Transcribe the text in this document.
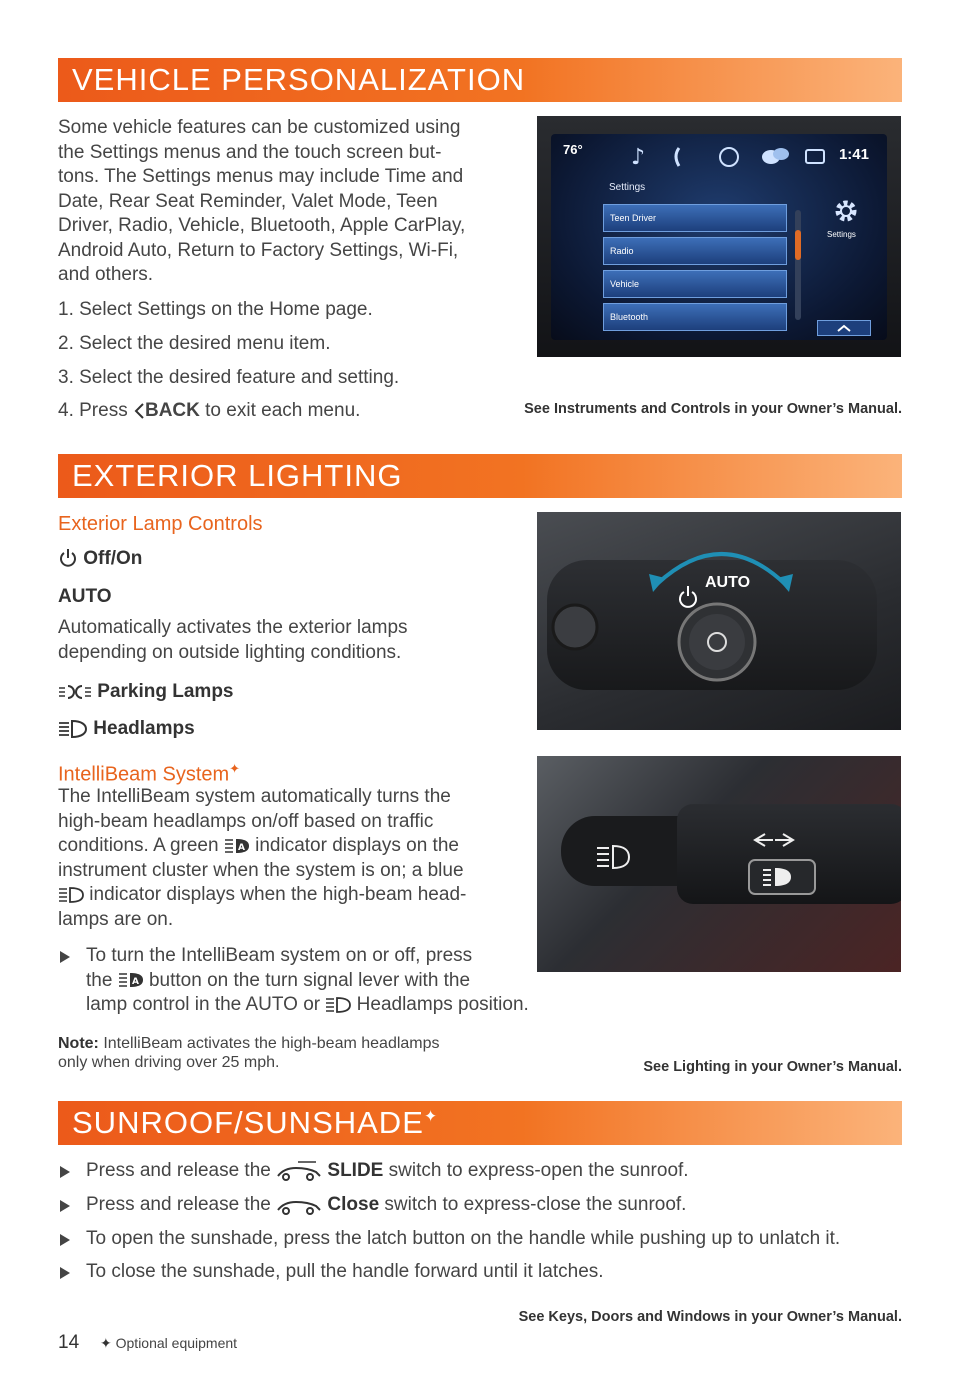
VEHICLE PERSONALIZATION
Some vehicle features can be customized using
the Settings menus and the touch screen but-
tons. The Settings menus may include Time and
Date, Rear Seat Reminder, Valet Mode, Teen
Driver, Radio, Vehicle, Bluetooth, Apple CarPlay,
Android Auto, Return to Factory Settings, Wi-Fi,
and others.
1. Select Settings on the Home page.
2. Select the desired menu item.
3. Select the desired feature and setting.
4. Press BACK to exit each menu.
76°	1:41
♪
Settings
Teen Driver
Radio
Vehicle
Bluetooth
Settings
See Instruments and Controls in your Owner’s Manual.
EXTERIOR LIGHTING
Exterior Lamp Controls
Off/On
AUTO
Automatically activates the exterior lamps
depending on outside lighting conditions.
Parking Lamps
Headlamps
IntelliBeam System✦
The IntelliBeam system automatically turns the
high-beam headlamps on/off based on traffic
conditions. A green A indicator displays on the
instrument cluster when the system is on; a blue
indicator displays when the high-beam head-
lamps are on.
To turn the IntelliBeam system on or off, press
the A button on the turn signal lever with the
lamp control in the AUTO or  Headlamps position.
Note: IntelliBeam activates the high-beam headlamps
only when driving over 25 mph.	See Lighting in your Owner’s Manual.
AUTO
SUNROOF/SUNSHADE✦
Press and release the	SLIDE switch to express-open the sunroof.
Press and release the	Close switch to express-close the sunroof.
To open the sunshade, press the latch button on the handle while pushing up to unlatch it.
To close the sunshade, pull the handle forward until it latches.
See Keys, Doors and Windows in your Owner’s Manual.
14 ✦ Optional equipment
